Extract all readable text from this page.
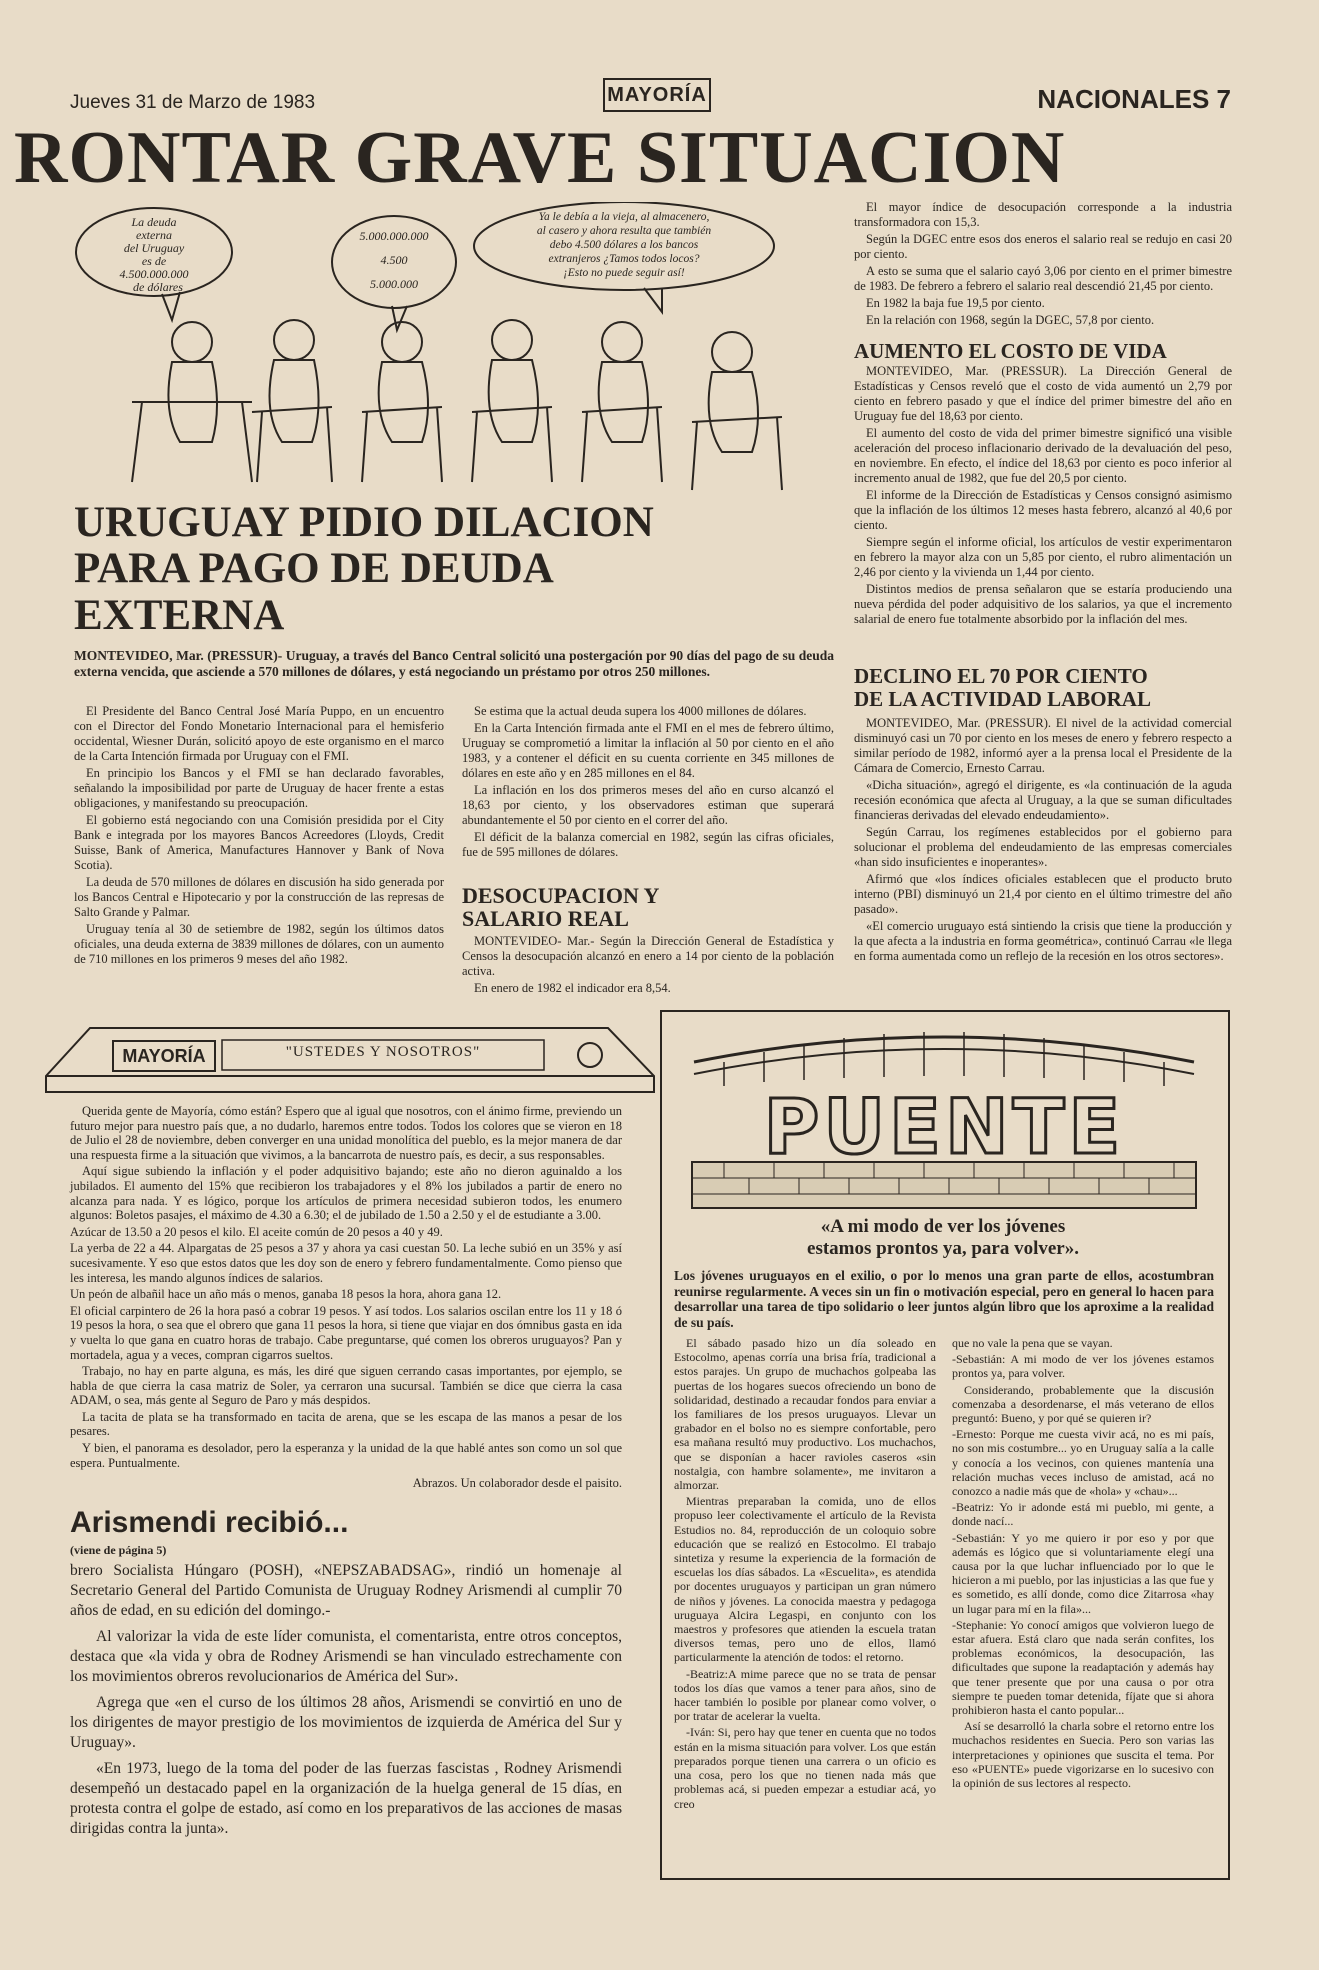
Jueves 31 de Marzo de 1983	MAYORÍA	NACIONALES 7
RONTAR GRAVE SITUACION
La deuda
externa
del Uruguay
es de
4.500.000.000
de dólares
5.000.000.000
4.500
5.000.000
Ya le debía a la vieja, al almacenero,
al casero y ahora resulta que también
debo 4.500 dólares a los bancos
extranjeros ¿Tamos todos locos?
¡Esto no puede seguir así!
URUGUAY PIDIO DILACION
PARA PAGO DE DEUDA
EXTERNA
MONTEVIDEO, Mar. (PRESSUR)- Uruguay, a través del Banco Central solicitó una postergación por 90 días del pago de su deuda externa vencida, que asciende a 570 millones de dólares, y está negociando un préstamo por otros 250 millones.

El Presidente del Banco Central José María Puppo, en un encuentro con el Director del Fondo Monetario Internacional para el hemisferio occidental, Wiesner Durán, solicitó apoyo de este organismo en el marco de la Carta Intención firmada por Uruguay con el FMI.

En principio los Bancos y el FMI se han declarado favorables, señalando la imposibilidad por parte de Uruguay de hacer frente a estas obligaciones, y manifestando su preocupación.

El gobierno está negociando con una Comisión presidida por el City Bank e integrada por los mayores Bancos Acreedores (Lloyds, Credit Suisse, Bank of America, Manufactures Hannover y Bank of Nova Scotia).

La deuda de 570 millones de dólares en discusión ha sido generada por los Bancos Central e Hipotecario y por la construcción de las represas de Salto Grande y Palmar.

Uruguay tenía al 30 de setiembre de 1982, según los últimos datos oficiales, una deuda externa de 3839 millones de dólares, con un aumento de 710 millones en los primeros 9 meses del año 1982.

Se estima que la actual deuda supera los 4000 millones de dólares.

En la Carta Intención firmada ante el FMI en el mes de febrero último, Uruguay se comprometió a limitar la inflación al 50 por ciento en el año 1983, y a contener el déficit en su cuenta corriente en 345 millones de dólares en este año y en 285 millones en el 84.

La inflación en los dos primeros meses del año en curso alcanzó el 18,63 por ciento, y los observadores estiman que superará abundantemente el 50 por ciento en el correr del año.

El déficit de la balanza comercial en 1982, según las cifras oficiales, fue de 595 millones de dólares.

DESOCUPACION Y
SALARIO REAL

MONTEVIDEO- Mar.- Según la Dirección General de Estadística y Censos la desocupación alcanzó en enero a 14 por ciento de la población activa.

En enero de 1982 el indicador era 8,54.

El mayor índice de desocupación corresponde a la industria transformadora con 15,3.

Según la DGEC entre esos dos eneros el salario real se redujo en casi 20 por ciento.

A esto se suma que el salario cayó 3,06 por ciento en el primer bimestre de 1983. De febrero a febrero el salario real descendió 21,45 por ciento.

En 1982 la baja fue 19,5 por ciento.

En la relación con 1968, según la DGEC, 57,8 por ciento.

AUMENTO EL COSTO DE VIDA

MONTEVIDEO, Mar. (PRESSUR). La Dirección General de Estadísticas y Censos reveló que el costo de vida aumentó un 2,79 por ciento en febrero pasado y que el índice del primer bimestre del año en Uruguay fue del 18,63 por ciento.

El aumento del costo de vida del primer bimestre significó una visible aceleración del proceso inflacionario derivado de la devaluación del peso, en noviembre. En efecto, el índice del 18,63 por ciento es poco inferior al incremento anual de 1982, que fue del 20,5 por ciento.

El informe de la Dirección de Estadísticas y Censos consignó asimismo que la inflación de los últimos 12 meses hasta febrero, alcanzó al 40,6 por ciento.

Siempre según el informe oficial, los artículos de vestir experimentaron en febrero la mayor alza con un 5,85 por ciento, el rubro alimentación un 2,46 por ciento y la vivienda un 1,44 por ciento.

Distintos medios de prensa señalaron que se estaría produciendo una nueva pérdida del poder adquisitivo de los salarios, ya que el incremento salarial de enero fue totalmente absorbido por la inflación del mes.

DECLINO EL 70 POR CIENTO
DE LA ACTIVIDAD LABORAL

MONTEVIDEO, Mar. (PRESSUR). El nivel de la actividad comercial disminuyó casi un 70 por ciento en los meses de enero y febrero respecto a similar período de 1982, informó ayer a la prensa local el Presidente de la Cámara de Comercio, Ernesto Carrau.

«Dicha situación», agregó el dirigente, es «la continuación de la aguda recesión económica que afecta al Uruguay, a la que se suman dificultades financieras derivadas del elevado endeudamiento».

Según Carrau, los regímenes establecidos por el gobierno para solucionar el problema del endeudamiento de las empresas comerciales «han sido insuficientes e inoperantes».

Afirmó que «los índices oficiales establecen que el producto bruto interno (PBI) disminuyó un 21,4 por ciento en el último trimestre del año pasado».

«El comercio uruguayo está sintiendo la crisis que tiene la producción y la que afecta a la industria en forma geométrica», continuó Carrau «le llega en forma aumentada como un reflejo de la recesión en los otros sectores».

MAYORÍA	"USTEDES Y NOSOTROS"

Querida gente de Mayoría, cómo están? Espero que al igual que nosotros, con el ánimo firme, previendo un futuro mejor para nuestro país que, a no dudarlo, haremos entre todos. Todos los colores que se vieron en 18 de Julio el 28 de noviembre, deben converger en una unidad monolítica del pueblo, es la mejor manera de dar una respuesta firme a la situación que vivimos, a la bancarrota de nuestro país, es decir, a sus responsables.

Aquí sigue subiendo la inflación y el poder adquisitivo bajando; este año no dieron aguinaldo a los jubilados. El aumento del 15% que recibieron los trabajadores y el 8% los jubilados a partir de enero no alcanza para nada. Y es lógico, porque los artículos de primera necesidad subieron todos, les enumero algunos: Boletos pasajes, el máximo de 4.30 a 6.30; el de jubilado de 1.50 a 2.50 y el de estudiante a 3.00.

Azúcar de 13.50 a 20 pesos el kilo. El aceite común de 20 pesos a 40 y 49.

La yerba de 22 a 44. Alpargatas de 25 pesos a 37 y ahora ya casi cuestan 50. La leche subió en un 35% y así sucesivamente. Y eso que estos datos que les doy son de enero y febrero fundamentalmente. Como pienso que les interesa, les mando algunos índices de salarios.

Un peón de albañil hace un año más o menos, ganaba 18 pesos la hora, ahora gana 12.

El oficial carpintero de 26 la hora pasó a cobrar 19 pesos. Y así todos. Los salarios oscilan entre los 11 y 18 ó 19 pesos la hora, o sea que el obrero que gana 11 pesos la hora, si tiene que viajar en dos ómnibus gasta en ida y vuelta lo que gana en cuatro horas de trabajo. Cabe preguntarse, qué comen los obreros uruguayos? Pan y mortadela, agua y a veces, compran cigarros sueltos.

Trabajo, no hay en parte alguna, es más, les diré que siguen cerrando casas importantes, por ejemplo, se habla de que cierra la casa matriz de Soler, ya cerraron una sucursal. También se dice que cierra la casa ADAM, o sea, más gente al Seguro de Paro y más despidos.

La tacita de plata se ha transformado en tacita de arena, que se les escapa de las manos a pesar de los pesares.

Y bien, el panorama es desolador, pero la esperanza y la unidad de la que hablé antes son como un sol que espera. Puntualmente.

Abrazos. Un colaborador desde el paisito.

Arismendi recibió...
(viene de página 5)

brero Socialista Húngaro (POSH), «NEPSZABADSAG», rindió un homenaje al Secretario General del Partido Comunista de Uruguay Rodney Arismendi al cumplir 70 años de edad, en su edición del domingo.-

Al valorizar la vida de este líder comunista, el comentarista, entre otros conceptos, destaca que «la vida y obra de Rodney Arismendi se han vinculado estrechamente con los movimientos obreros revolucionarios de América del Sur».

Agrega que «en el curso de los últimos 28 años, Arismendi se convirtió en uno de los dirigentes de mayor prestigio de los movimientos de izquierda de América del Sur y Uruguay».

«En 1973, luego de la toma del poder de las fuerzas fascistas , Rodney Arismendi desempeñó un destacado papel en la organización de la huelga general de 15 días, en protesta contra el golpe de estado, así como en los preparativos de las acciones de masas dirigidas contra la junta».

PUENTE
«A mi modo de ver los jóvenes
estamos prontos ya, para volver».
Los jóvenes uruguayos en el exilio, o por lo menos una gran parte de ellos, acostumbran reunirse regularmente. A veces sin un fin o motivación especial, pero en general lo hacen para desarrollar una tarea de tipo solidario o leer juntos algún libro que los aproxime a la realidad de su país.

El sábado pasado hizo un día soleado en Estocolmo, apenas corría una brisa fría, tradicional a estos parajes. Un grupo de muchachos golpeaba las puertas de los hogares suecos ofreciendo un bono de solidaridad, destinado a recaudar fondos para enviar a los familiares de los presos uruguayos. Llevar un grabador en el bolso no es siempre confortable, pero esa mañana resultó muy productivo. Los muchachos, que se disponían a hacer ravioles caseros «sin nostalgia, con hambre solamente», me invitaron a almorzar.

Mientras preparaban la comida, uno de ellos propuso leer colectivamente el artículo de la Revista Estudios no. 84, reproducción de un coloquio sobre educación que se realizó en Estocolmo. El trabajo sintetiza y resume la experiencia de la formación de escuelas los días sábados. La «Escuelita», es atendida por docentes uruguayos y participan un gran número de niños y jóvenes. La conocida maestra y pedagoga uruguaya Alcira Legaspi, en conjunto con los maestros y profesores que atienden la escuela tratan diversos temas, pero uno de ellos, llamó particularmente la atención de todos: el retorno.

-Beatriz:A mime parece que no se trata de pensar todos los días que vamos a tener para años, sino de hacer también lo posible por planear como volver, o por tratar de acelerar la vuelta.

-Iván: Si, pero hay que tener en cuenta que no todos están en la misma situación para volver. Los que están preparados porque tienen una carrera o un oficio es una cosa, pero los que no tienen nada más que problemas acá, si pueden empezar a estudiar acá, yo creo

que no vale la pena que se vayan.

-Sebastián: A mi modo de ver los jóvenes estamos prontos ya, para volver.

Considerando, probablemente que la discusión comenzaba a desordenarse, el más veterano de ellos preguntó: Bueno, y por qué se quieren ir?

-Ernesto: Porque me cuesta vivir acá, no es mi país, no son mis costumbre... yo en Uruguay salía a la calle y conocía a los vecinos, con quienes mantenía una relación muchas veces incluso de amistad, acá no conozco a nadie más que de «hola» y «chau»...

-Beatriz: Yo ir adonde está mi pueblo, mi gente, a donde nací...

-Sebastián: Y yo me quiero ir por eso y por que además es lógico que si voluntariamente elegí una causa por la que luchar influenciado por lo que le hicieron a mi pueblo, por las injusticias a las que fue y es sometido, es allí donde, como dice Zitarrosa «hay un lugar para mí en la fila»...

-Stephanie: Yo conocí amigos que volvieron luego de estar afuera. Está claro que nada serán confites, los problemas económicos, la desocupación, las dificultades que supone la readaptación y además hay que tener presente que por una causa o por otra siempre te pueden tomar detenida, fíjate que si ahora prohibieron hasta el canto popular...

Así se desarrolló la charla sobre el retorno entre los muchachos residentes en Suecia. Pero son varias las interpretaciones y opiniones que suscita el tema. Por eso «PUENTE» puede vigorizarse en lo sucesivo con la opinión de sus lectores al respecto.
